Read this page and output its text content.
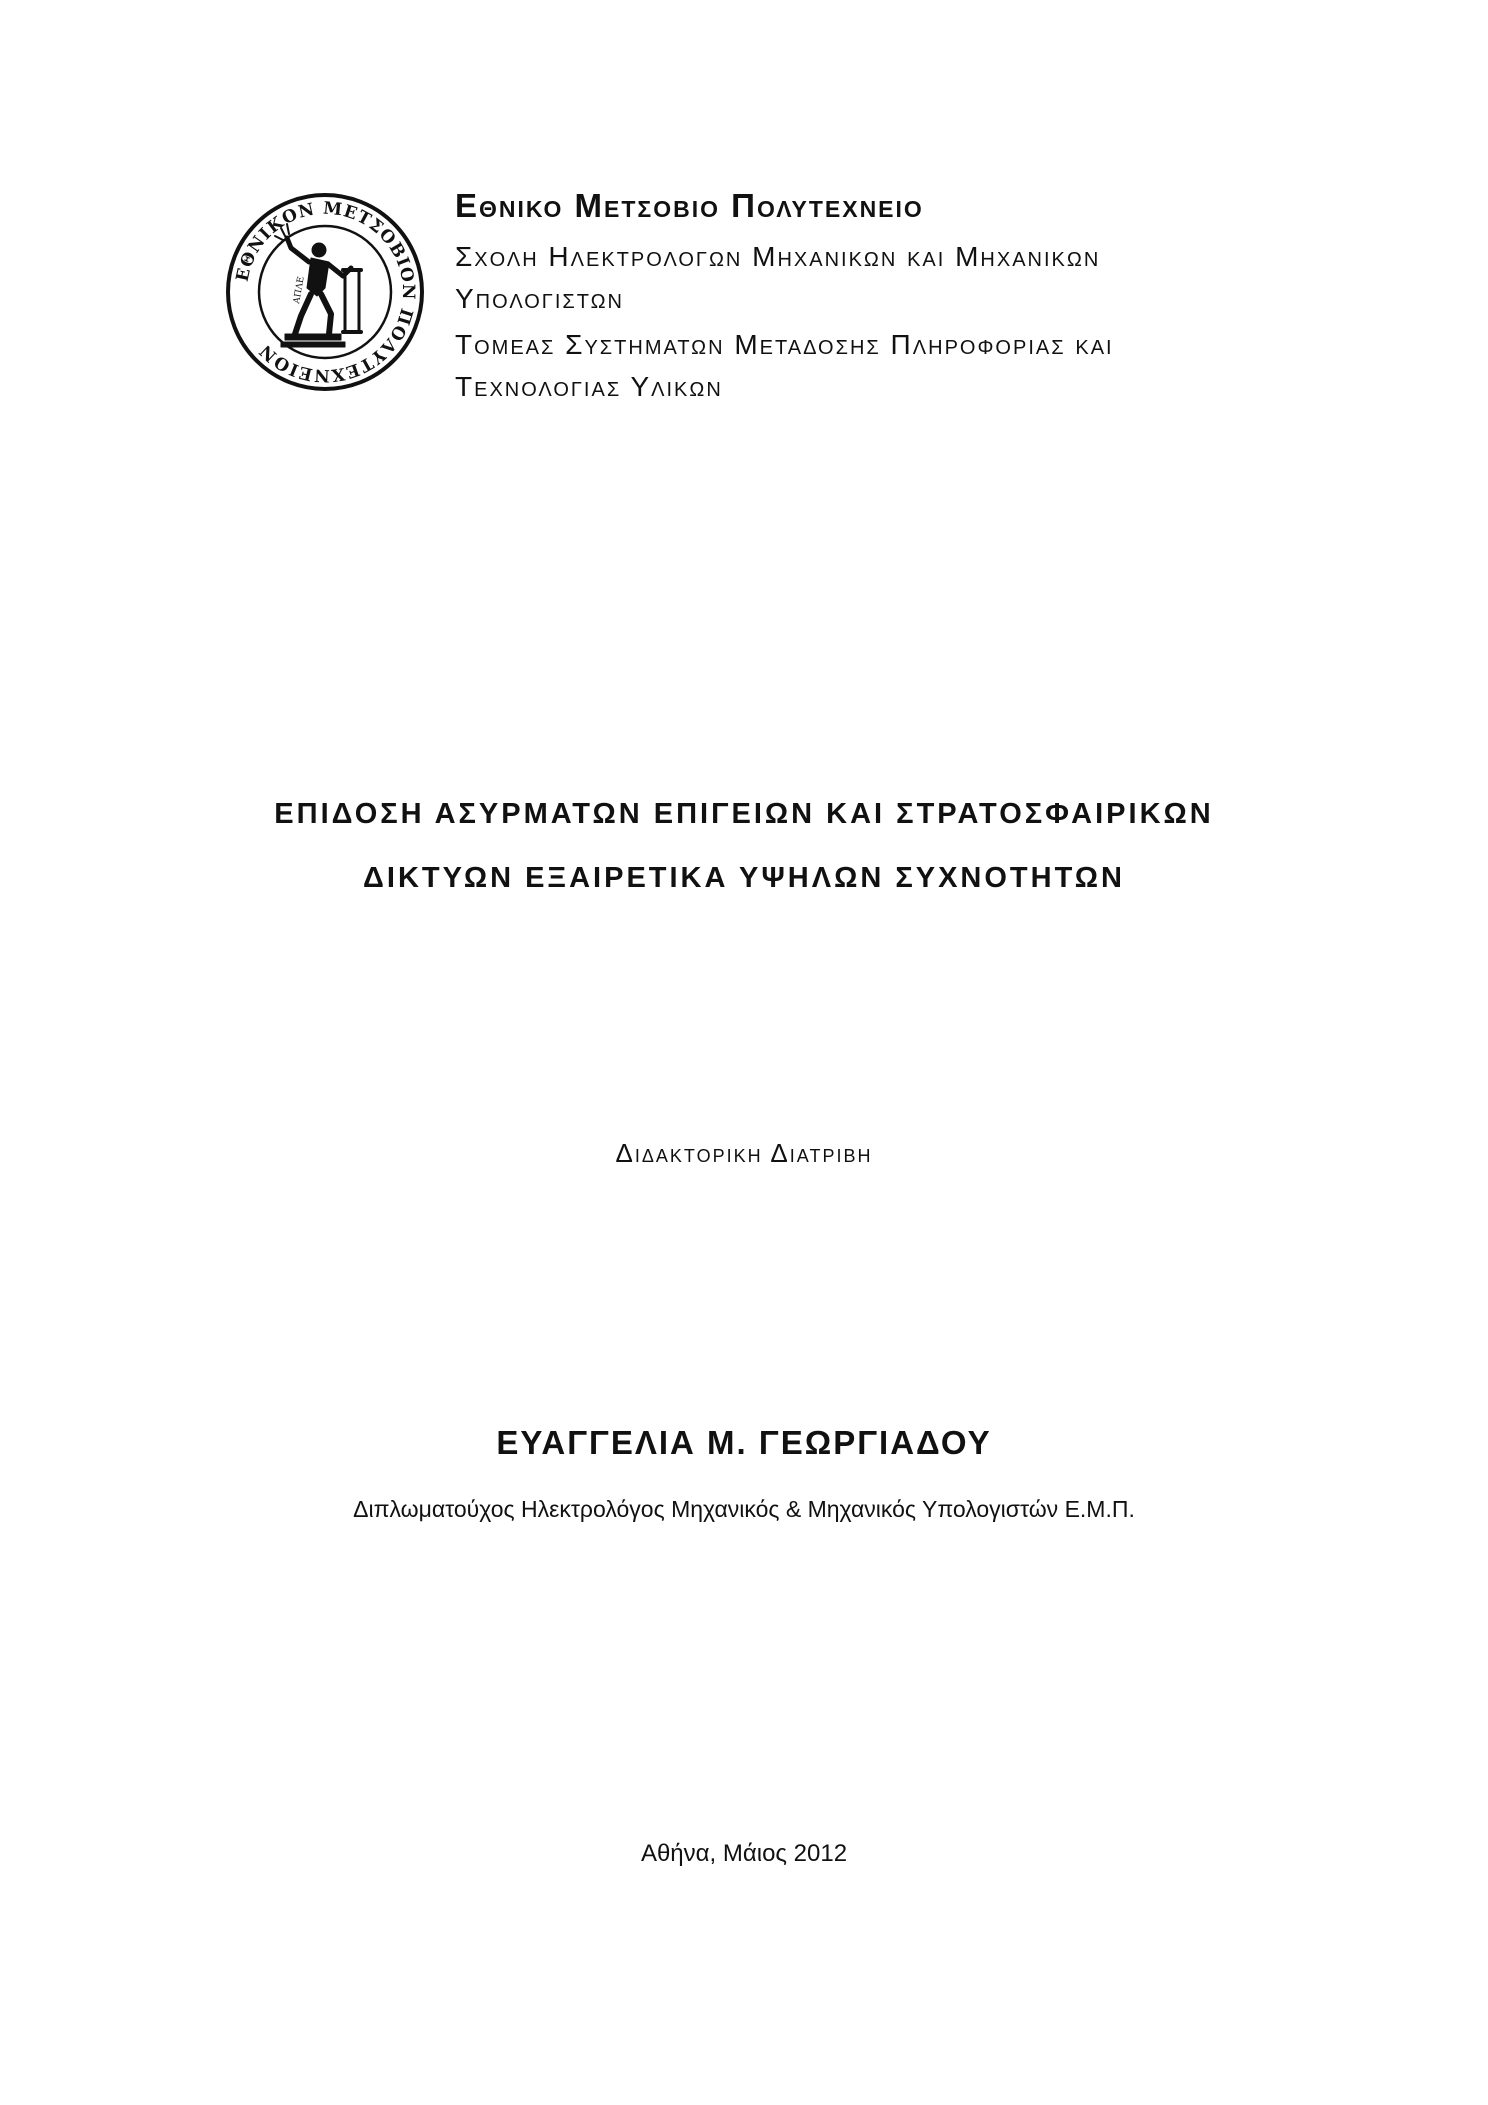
ΕΘΝΙΚΟΝ ΜΕΤΣΟΒΙΟΝ ΠΟΛΥΤΕΧΝΕΙΟΝ
ΑΠΛΕ
Εθνικο Μετσοβιο Πολυτεχνειο
Σχολη Ηλεκτρολογων Μηχανικων και Μηχανικων
Υπολογιστων
Τομεας Συστηματων Μεταδοσης Πληροφοριας και
Τεχνολογιας Υλικων
ΕΠΙΔΟΣΗ ΑΣΥΡΜΑΤΩΝ ΕΠΙΓΕΙΩΝ ΚΑΙ ΣΤΡΑΤΟΣΦΑΙΡΙΚΩΝ
ΔΙΚΤΥΩΝ ΕΞΑΙΡΕΤΙΚΑ ΥΨΗΛΩΝ ΣΥΧΝΟΤΗΤΩΝ
Διδακτορικη Διατριβη
ΕΥΑΓΓΕΛΙΑ Μ. ΓΕΩΡΓΙΑΔΟΥ
Διπλωματούχος Ηλεκτρολόγος Μηχανικός & Μηχανικός Υπολογιστών Ε.Μ.Π.
Αθήνα, Μάιος 2012
